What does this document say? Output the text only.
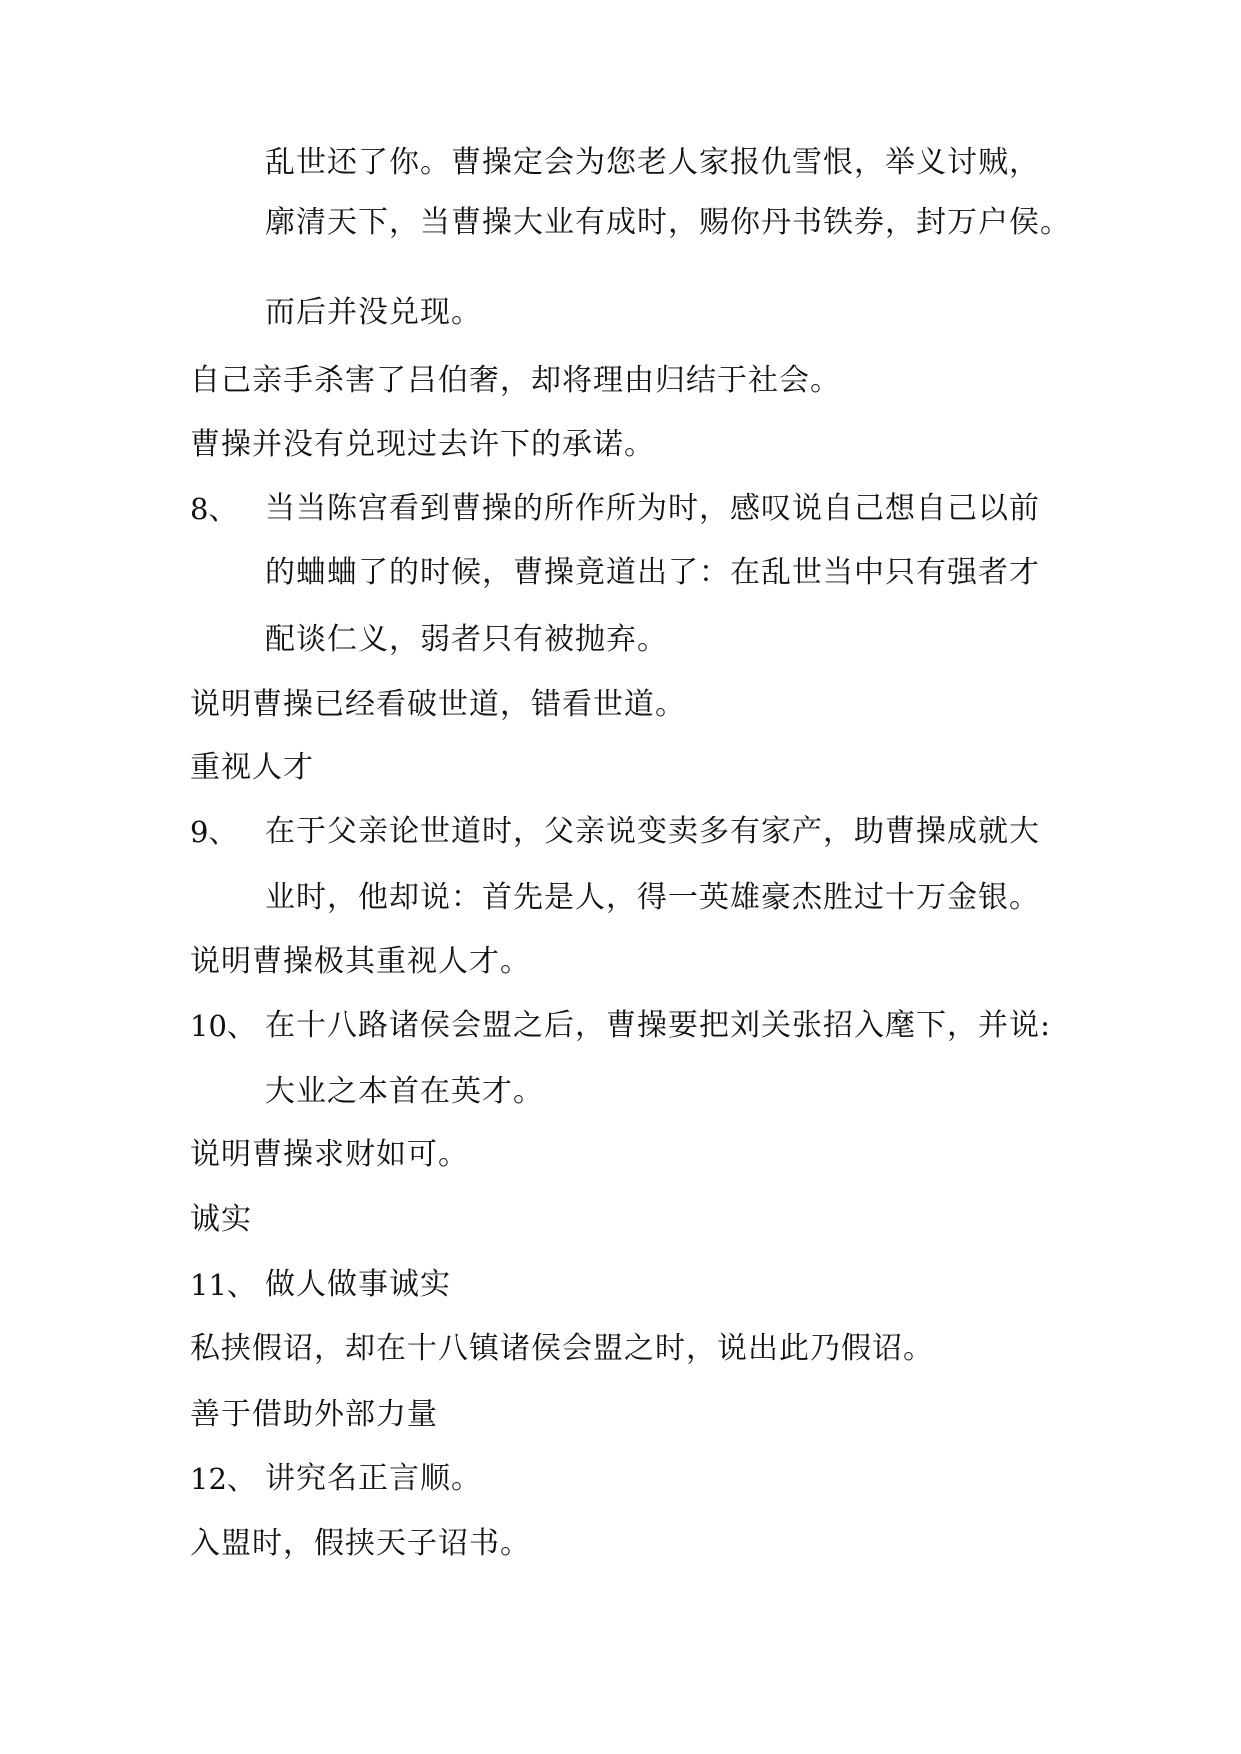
乱世还了你。曹操定会为您老人家报仇雪恨，举义讨贼，
廓清天下，当曹操大业有成时，赐你丹书铁券，封万户侯。
而后并没兑现。
自己亲手杀害了吕伯奢，却将理由归结于社会。
曹操并没有兑现过去许下的承诺。
8、 当当陈宫看到曹操的所作所为时，感叹说自己想自己以前
的蛐蛐了的时候，曹操竟道出了：在乱世当中只有强者才
配谈仁义，弱者只有被抛弃。
说明曹操已经看破世道，错看世道。
重视人才
9、 在于父亲论世道时，父亲说变卖多有家产，助曹操成就大
业时，他却说：首先是人，得一英雄豪杰胜过十万金银。
说明曹操极其重视人才。
10、 在十八路诸侯会盟之后，曹操要把刘关张招入麾下，并说:
大业之本首在英才。
说明曹操求财如可。
诚实
11、 做人做事诚实
私挟假诏，却在十八镇诸侯会盟之时，说出此乃假诏。
善于借助外部力量
12、 讲究名正言顺。
入盟时，假挟天子诏书。
